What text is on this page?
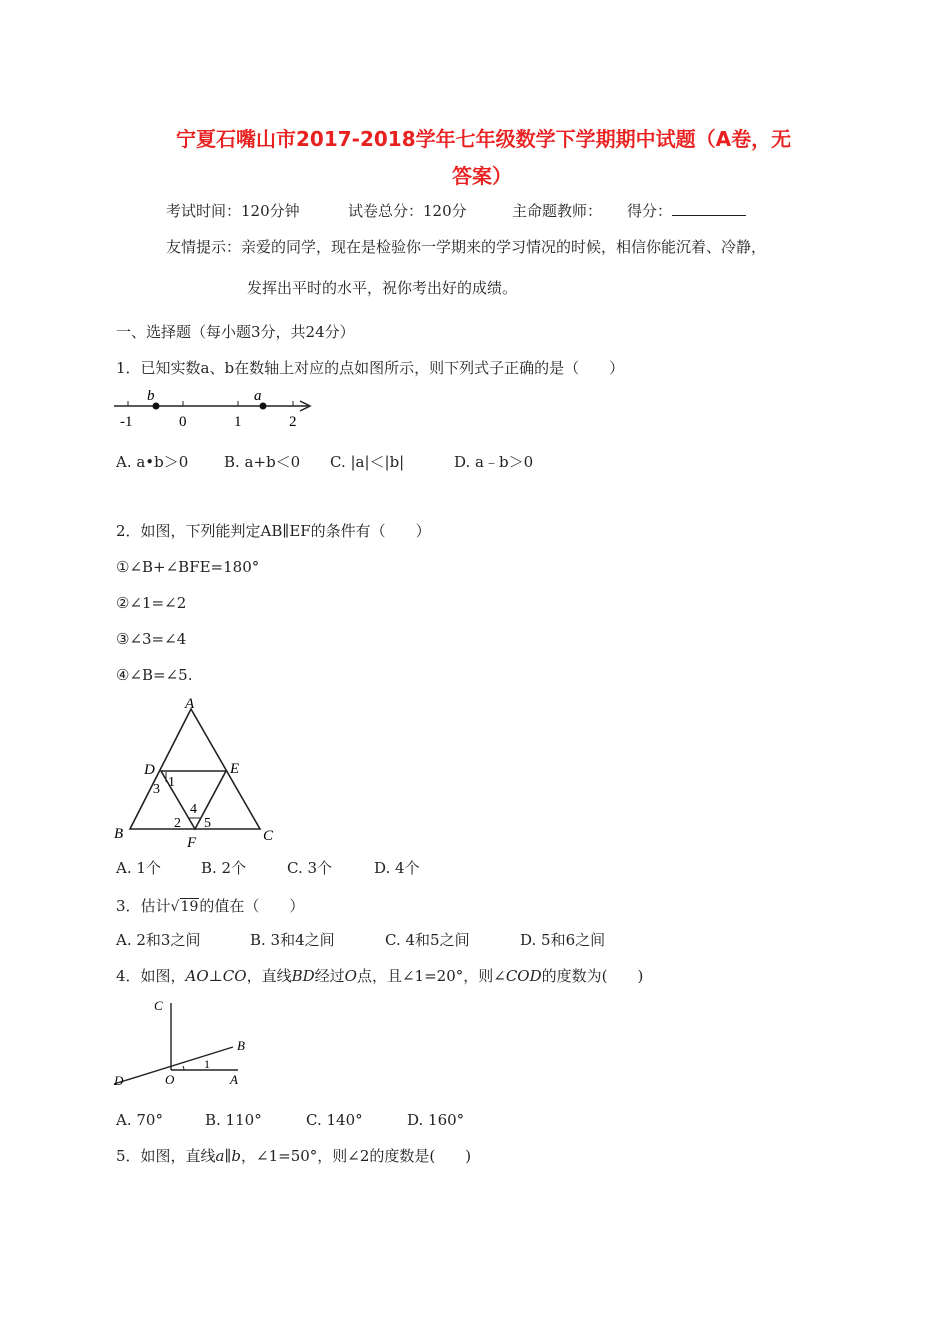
宁夏石嘴山市2017-2018学年七年级数学下学期期中试题（A卷，无
答案）
考试时间：120分钟	试卷总分：120分	主命题教师： 得分：
友情提示：亲爱的同学，现在是检验你一学期来的学习情况的时候，相信你能沉着、冷静，
发挥出平时的水平，祝你考出好的成绩。
一、选择题（每小题3分，共24分）
1．已知实数a、b在数轴上对应的点如图所示，则下列式子正确的是（　　）
-1	0	1	2
b	a
A. a•b＞0 B. a+b＜0 C. |a|＜|b|	D. a﹣b＞0
2．如图，下列能判定AB∥EF的条件有（　　）
①∠B+∠BFE=180°
②∠1=∠2
③∠3=∠4
④∠B=∠5.
A
B	C
D	E
F
1
2
3
4
5
A. 1个	B. 2个	C. 3个	D. 4个
3．估计 √ 19的值在（　　）
A. 2和3之间	B. 3和4之间	C. 4和5之间	D. 5和6之间
4．如图，AO⊥CO，直线BD经过O点，且∠1=20°，则∠COD的度数为(　　)
C
B
D	O	A
1
A. 70°	B. 110°	C. 140°	D. 160°
5．如图，直线a∥b，∠1=50°，则∠2的度数是(　　)
